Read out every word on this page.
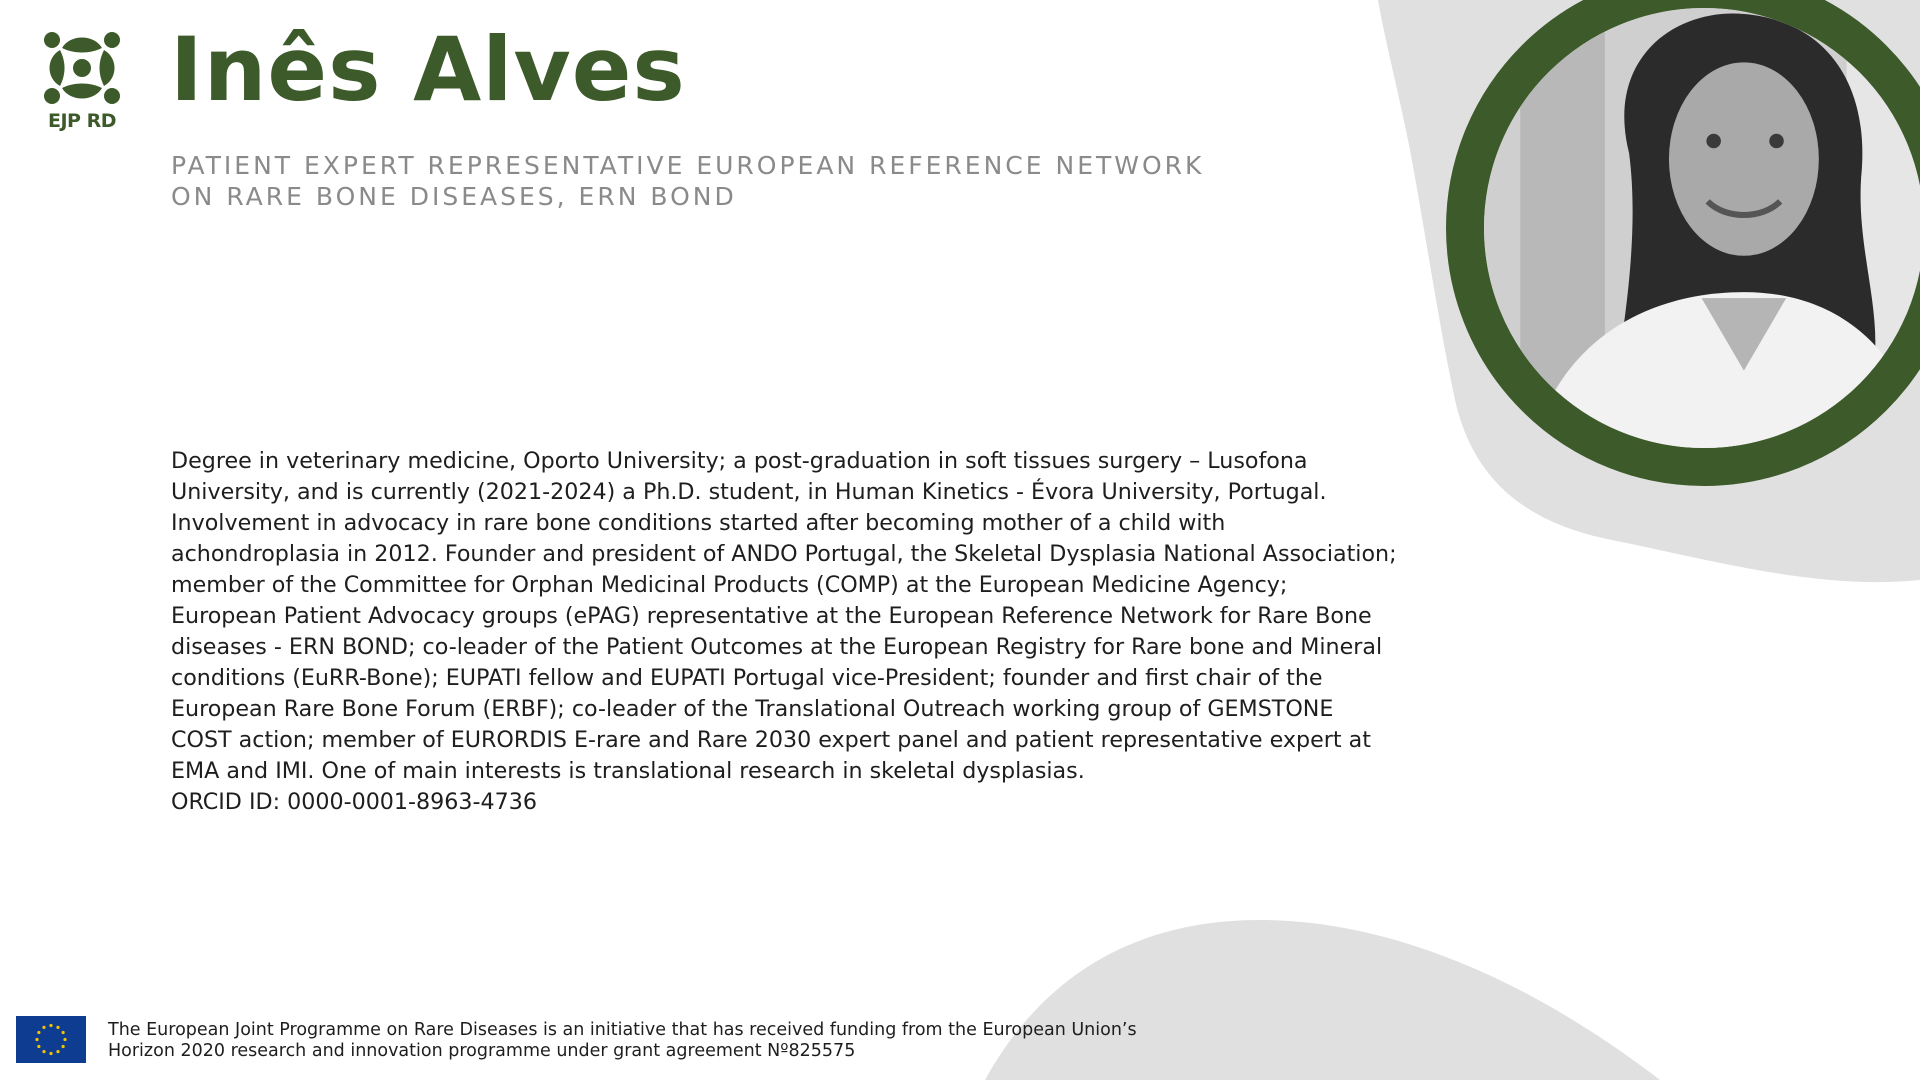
EJP RD Inês Alves
PATIENT EXPERT REPRESENTATIVE EUROPEAN REFERENCE NETWORK
ON RARE BONE DISEASES, ERN BOND
Degree in veterinary medicine, Oporto University; a post-graduation in soft tissues surgery – Lusofona
University, and is currently (2021-2024) a Ph.D. student, in Human Kinetics - Évora University, Portugal.
Involvement in advocacy in rare bone conditions started after becoming mother of a child with
achondroplasia in 2012. Founder and president of ANDO Portugal, the Skeletal Dysplasia National Association;
member of the Committee for Orphan Medicinal Products (COMP) at the European Medicine Agency;
European Patient Advocacy groups (ePAG) representative at the European Reference Network for Rare Bone
diseases - ERN BOND; co-leader of the Patient Outcomes at the European Registry for Rare bone and Mineral
conditions (EuRR-Bone); EUPATI fellow and EUPATI Portugal vice-President; founder and first chair of the
European Rare Bone Forum (ERBF); co-leader of the Translational Outreach working group of GEMSTONE
COST action; member of EURORDIS E-rare and Rare 2030 expert panel and patient representative expert at
EMA and IMI. One of main interests is translational research in skeletal dysplasias.
ORCID ID: 0000-0001-8963-4736
The European Joint Programme on Rare Diseases is an initiative that has received funding from the European Union’s
Horizon 2020 research and innovation programme under grant agreement Nº825575
